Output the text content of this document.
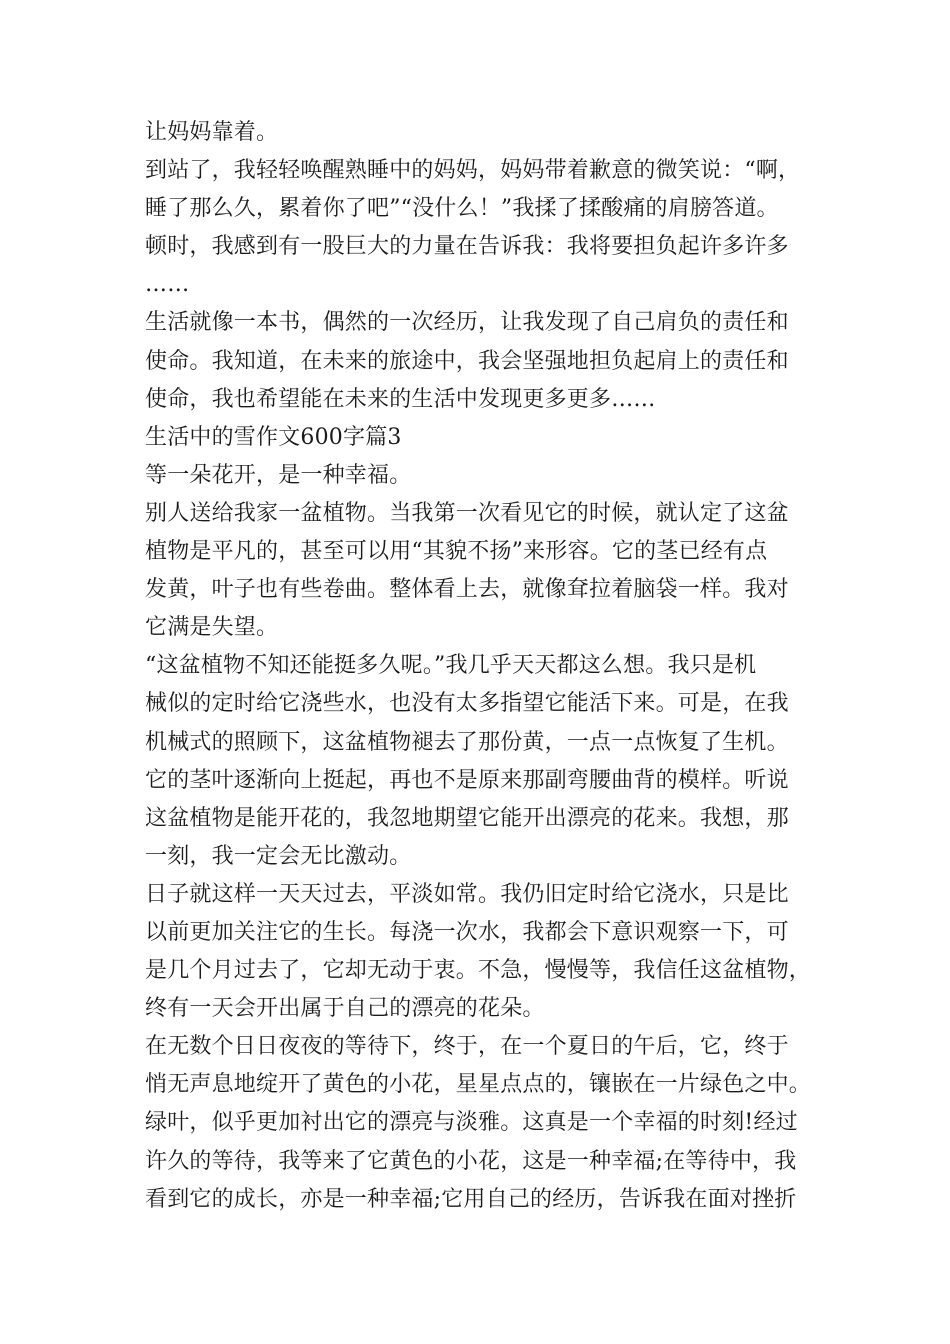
让妈妈靠着。
到站了，我轻轻唤醒熟睡中的妈妈，妈妈带着歉意的微笑说：“啊，
睡了那么久，累着你了吧”“没什么！”我揉了揉酸痛的肩膀答道。
顿时，我感到有一股巨大的力量在告诉我：我将要担负起许多许多
……
生活就像一本书，偶然的一次经历，让我发现了自己肩负的责任和
使命。我知道，在未来的旅途中，我会坚强地担负起肩上的责任和
使命，我也希望能在未来的生活中发现更多更多……
生活中的雪作文600字篇3
等一朵花开，是一种幸福。
别人送给我家一盆植物。当我第一次看见它的时候，就认定了这盆
植物是平凡的，甚至可以用“其貌不扬”来形容。它的茎已经有点
发黄，叶子也有些卷曲。整体看上去，就像耷拉着脑袋一样。我对
它满是失望。
“这盆植物不知还能挺多久呢。”我几乎天天都这么想。我只是机
械似的定时给它浇些水，也没有太多指望它能活下来。可是，在我
机械式的照顾下，这盆植物褪去了那份黄，一点一点恢复了生机。
它的茎叶逐渐向上挺起，再也不是原来那副弯腰曲背的模样。听说
这盆植物是能开花的，我忽地期望它能开出漂亮的花来。我想，那
一刻，我一定会无比激动。
日子就这样一天天过去，平淡如常。我仍旧定时给它浇水，只是比
以前更加关注它的生长。每浇一次水，我都会下意识观察一下，可
是几个月过去了，它却无动于衷。不急，慢慢等，我信任这盆植物，
终有一天会开出属于自己的漂亮的花朵。
在无数个日日夜夜的等待下，终于，在一个夏日的午后，它，终于
悄无声息地绽开了黄色的小花，星星点点的，镶嵌在一片绿色之中。
绿叶，似乎更加衬出它的漂亮与淡雅。这真是一个幸福的时刻!经过
许久的等待，我等来了它黄色的小花，这是一种幸福;在等待中，我
看到它的成长，亦是一种幸福;它用自己的经历，告诉我在面对挫折
